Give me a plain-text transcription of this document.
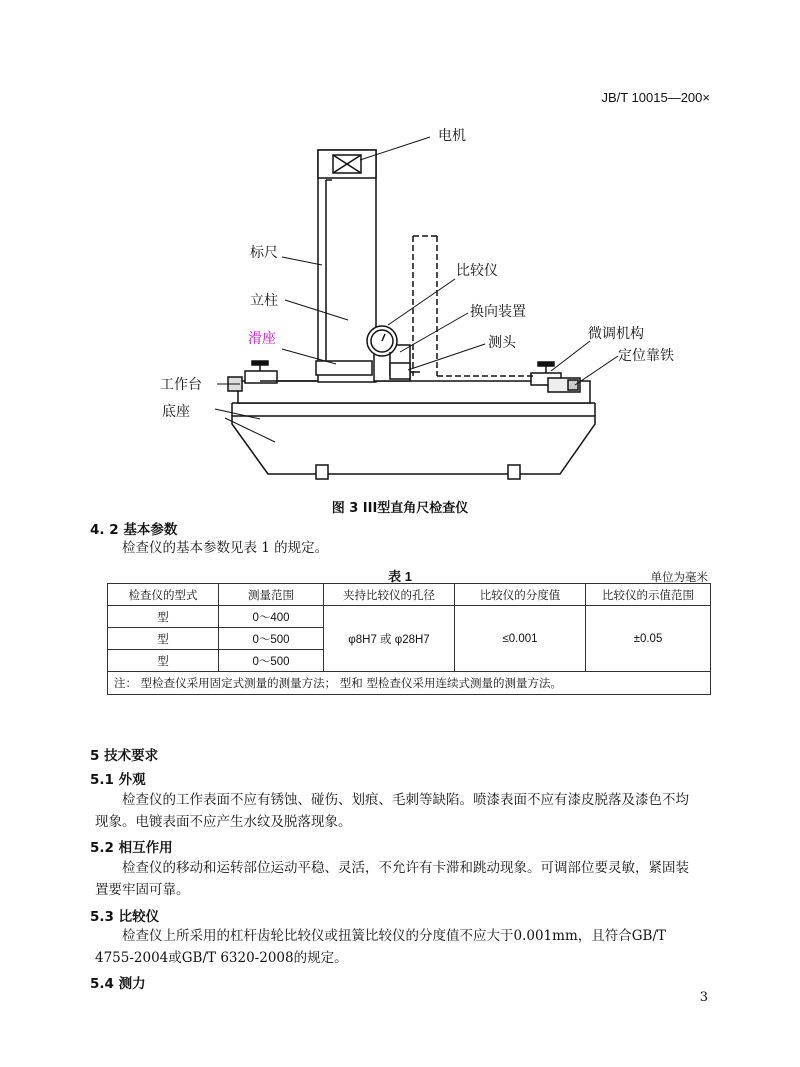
JB/T 10015—200×
电机
标尺
立柱
滑座
工作台
底座
比较仪
换向装置
测头
微调机构
定位靠铁
图 3 III型直角尺检查仪
4. 2 基本参数
检查仪的基本参数见表 1 的规定。
表 1	单位为毫米
检查仪的型式	测量范围	夹持比较仪的孔径	比较仪的分度值	比较仪的示值范围
型	0～400	φ8H7 或 φ28H7	≤0.001	±0.05
型	0～500			
型	0～500			
注： 型检查仪采用固定式测量的测量方法； 型和 型检查仪采用连续式测量的测量方法。				
5 技术要求
5.1 外观
检查仪的工作表面不应有锈蚀、碰伤、划痕、毛刺等缺陷。喷漆表面不应有漆皮脱落及漆色不均
现象。电镀表面不应产生水纹及脱落现象。
5.2 相互作用
检查仪的移动和运转部位运动平稳、灵活，不允许有卡滞和跳动现象。可调部位要灵敏，紧固装
置要牢固可靠。
5.3 比较仪
检查仪上所采用的杠杆齿轮比较仪或扭簧比较仪的分度值不应大于0.001mm，且符合GB/T
4755-2004或GB/T 6320-2008的规定。
5.4 测力
3
